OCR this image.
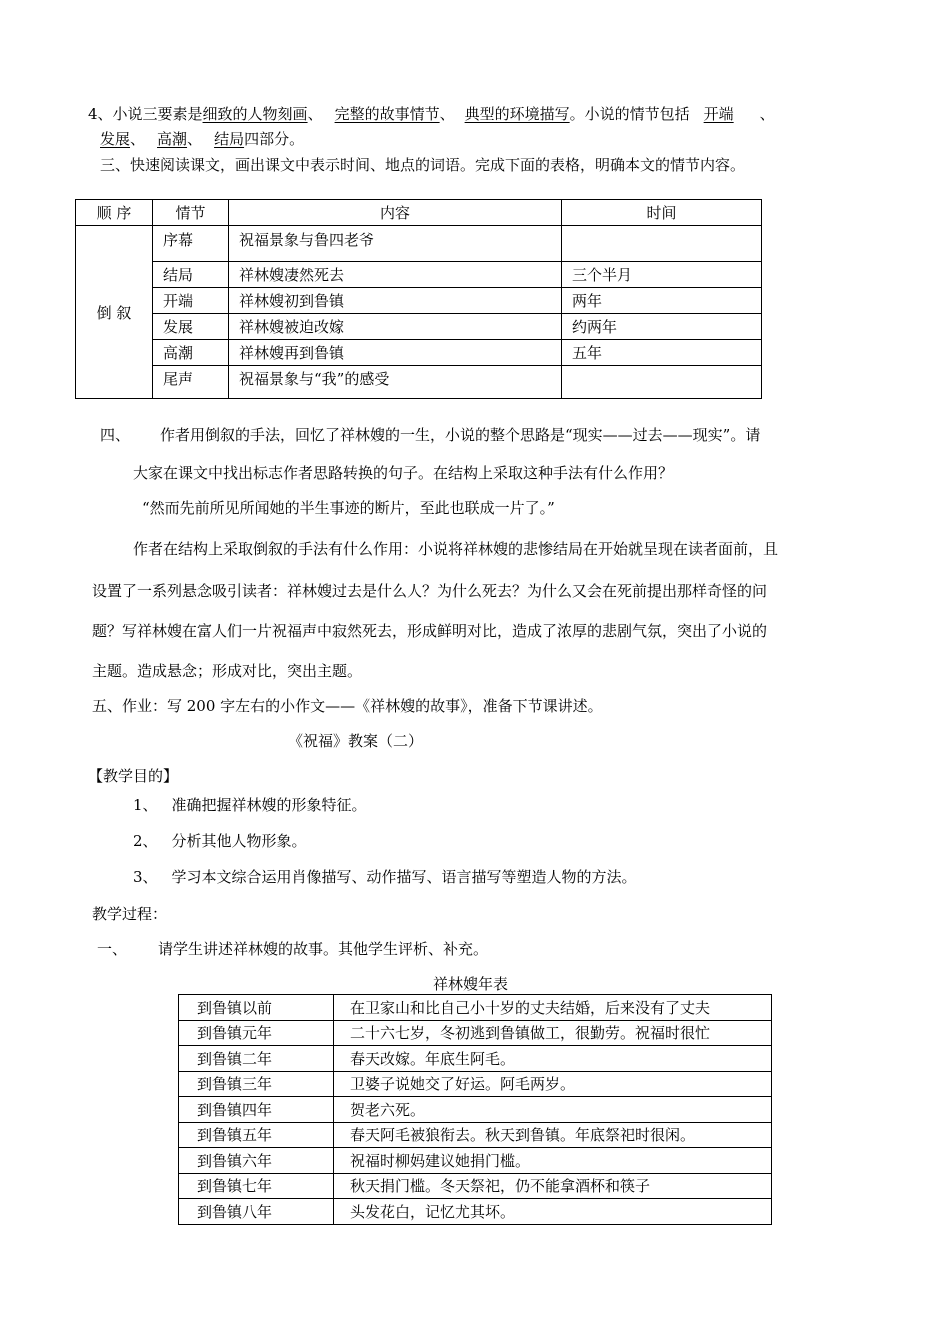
4、小说三要素是细致的人物刻画、 完整的故事情节、 典型的环境描写。小说的情节包括 开端 、
发展、 高潮、 结局四部分。
三、快速阅读课文，画出课文中表示时间、地点的词语。完成下面的表格，明确本文的情节内容。
顺 序	情节	内容	时间
倒 叙	序幕	祝福景象与鲁四老爷	
	结局	祥林嫂凄然死去	三个半月
	开端	祥林嫂初到鲁镇	两年
	发展	祥林嫂被迫改嫁	约两年
	高潮	祥林嫂再到鲁镇	五年
	尾声	祝福景象与“我”的感受	
四、 作者用倒叙的手法，回忆了祥林嫂的一生，小说的整个思路是“现实——过去——现实”。请
大家在课文中找出标志作者思路转换的句子。在结构上采取这种手法有什么作用？
“然而先前所见所闻她的半生事迹的断片，至此也联成一片了。”
作者在结构上采取倒叙的手法有什么作用：小说将祥林嫂的悲惨结局在开始就呈现在读者面前，且
设置了一系列悬念吸引读者：祥林嫂过去是什么人？为什么死去？为什么又会在死前提出那样奇怪的问
题？写祥林嫂在富人们一片祝福声中寂然死去，形成鲜明对比，造成了浓厚的悲剧气氛，突出了小说的
主题。造成悬念；形成对比，突出主题。
五、作业：写 200 字左右的小作文——《祥林嫂的故事》，准备下节课讲述。
《祝福》教案（二）
【教学目的】
1、 准确把握祥林嫂的形象特征。
2、 分析其他人物形象。
3、 学习本文综合运用肖像描写、动作描写、语言描写等塑造人物的方法。
教学过程：
一、 请学生讲述祥林嫂的故事。其他学生评析、补充。
祥林嫂年表
到鲁镇以前	在卫家山和比自己小十岁的丈夫结婚，后来没有了丈夫
到鲁镇元年	二十六七岁，冬初逃到鲁镇做工，很勤劳。祝福时很忙
到鲁镇二年	春天改嫁。年底生阿毛。
到鲁镇三年	卫婆子说她交了好运。阿毛两岁。
到鲁镇四年	贺老六死。
到鲁镇五年	春天阿毛被狼衔去。秋天到鲁镇。年底祭祀时很闲。
到鲁镇六年	祝福时柳妈建议她捐门槛。
到鲁镇七年	秋天捐门槛。冬天祭祀，仍不能拿酒杯和筷子
到鲁镇八年	头发花白，记忆尤其坏。
